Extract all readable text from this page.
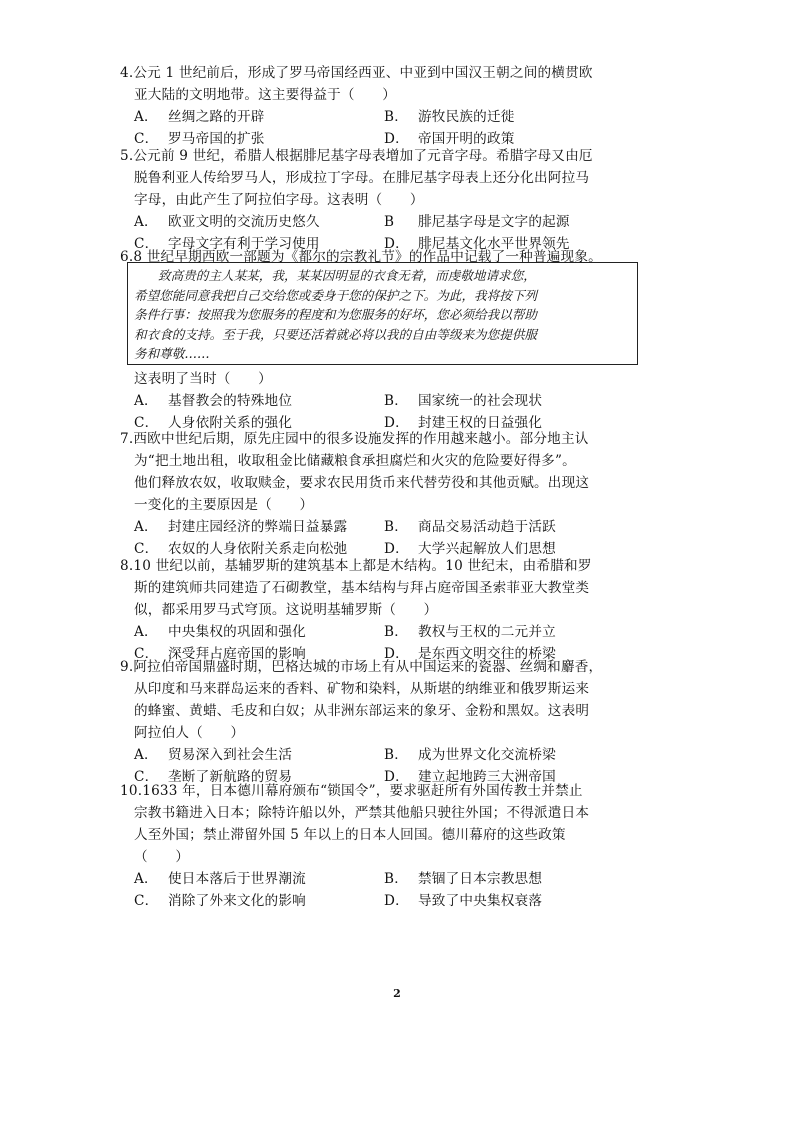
4.公元 1 世纪前后，形成了罗马帝国经西亚、中亚到中国汉王朝之间的横贯欧
亚大陆的文明地带。这主要得益于（　　）
A． 丝绸之路的开辟	B． 游牧民族的迁徙
C． 罗马帝国的扩张	D． 帝国开明的政策
5.公元前 9 世纪，希腊人根据腓尼基字母表增加了元音字母。希腊字母又由厄
脱鲁利亚人传给罗马人，形成拉丁字母。在腓尼基字母表上还分化出阿拉马
字母，由此产生了阿拉伯字母。这表明（　　）
A． 欧亚文明的交流历史悠久	B 腓尼基字母是文字的起源
C． 字母文字有利于学习使用	D． 腓尼基文化水平世界领先
6.8 世纪早期西欧一部题为《都尔的宗教礼节》的作品中记载了一种普遍现象。
致高贵的主人某某，我，某某因明显的衣食无着，而虔敬地请求您，
希望您能同意我把自己交给您或委身于您的保护之下。为此，我将按下列
条件行事：按照我为您服务的程度和为您服务的好坏，您必须给我以帮助
和衣食的支持。至于我，只要还活着就必将以我的自由等级来为您提供服
务和尊敬……
这表明了当时（　　）
A． 基督教会的特殊地位	B． 国家统一的社会现状
C． 人身依附关系的强化	D． 封建王权的日益强化
7.西欧中世纪后期，原先庄园中的很多设施发挥的作用越来越小。部分地主认
为“把土地出租，收取租金比储藏粮食承担腐烂和火灾的危险要好得多”。
他们释放农奴，收取赎金，要求农民用货币来代替劳役和其他贡赋。出现这
一变化的主要原因是（　　）
A． 封建庄园经济的弊端日益暴露	B． 商品交易活动趋于活跃
C． 农奴的人身依附关系走向松弛	D． 大学兴起解放人们思想
8.10 世纪以前，基辅罗斯的建筑基本上都是木结构。10 世纪末，由希腊和罗
斯的建筑师共同建造了石砌教堂，基本结构与拜占庭帝国圣索菲亚大教堂类
似，都采用罗马式穹顶。这说明基辅罗斯（　　）
A． 中央集权的巩固和强化	B． 教权与王权的二元并立
C． 深受拜占庭帝国的影响	D． 是东西文明交往的桥梁
9.阿拉伯帝国鼎盛时期，巴格达城的市场上有从中国运来的瓷器、丝绸和麝香，
从印度和马来群岛运来的香料、矿物和染料，从斯堪的纳维亚和俄罗斯运来
的蜂蜜、黄蜡、毛皮和白奴；从非洲东部运来的象牙、金粉和黑奴。这表明
阿拉伯人（　　）
A． 贸易深入到社会生活	B． 成为世界文化交流桥梁
C． 垄断了新航路的贸易	D． 建立起地跨三大洲帝国
10.1633 年，日本德川幕府颁布“锁国令”，要求驱赶所有外国传教士并禁止
宗教书籍进入日本；除特许船以外，严禁其他船只驶往外国；不得派遣日本
人至外国；禁止滞留外国 5 年以上的日本人回国。德川幕府的这些政策
（　　）
A． 使日本落后于世界潮流	B． 禁锢了日本宗教思想
C． 消除了外来文化的影响	D． 导致了中央集权衰落
2
